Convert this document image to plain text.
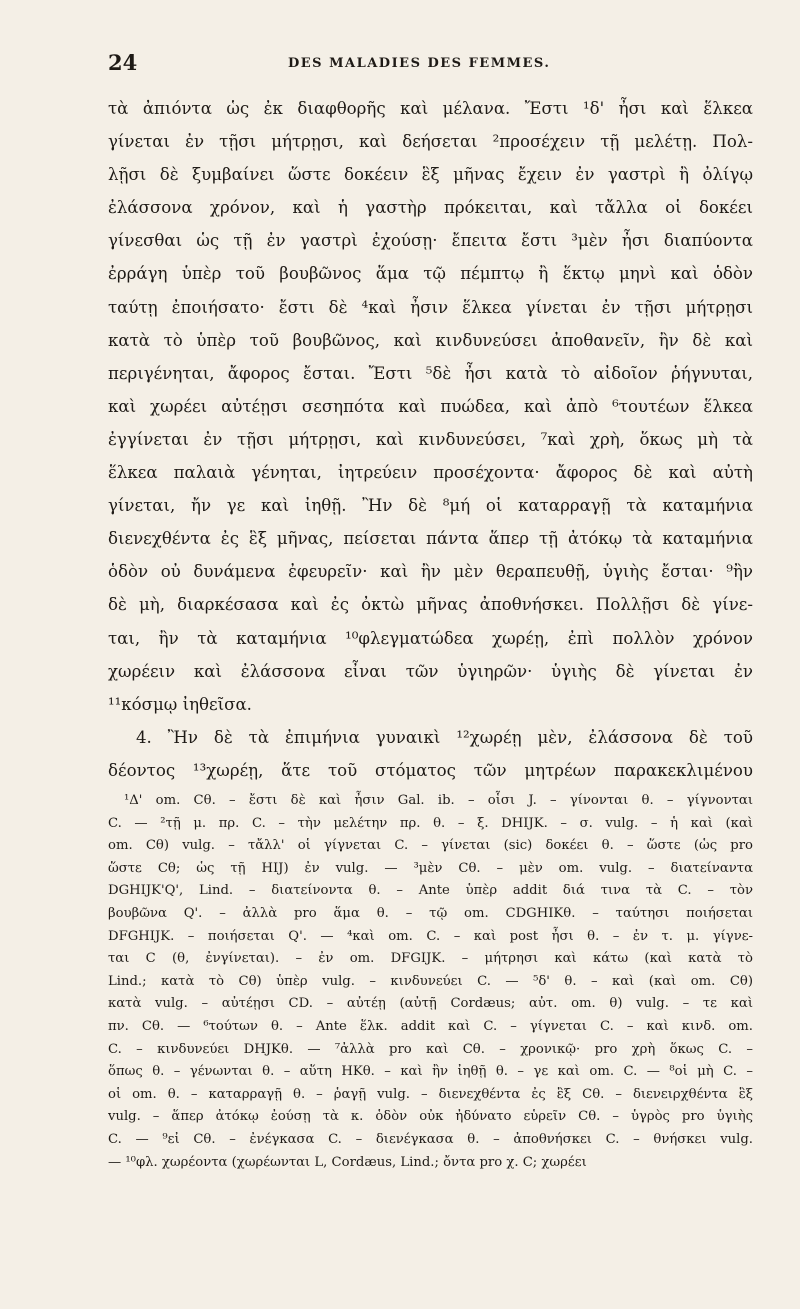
24	DES MALADIES DES FEMMES.
τὰ ἀπιόντα ὡς ἐκ διαφθορῆς καὶ μέλανα. Ἔστι ¹δ' ἦσι καὶ ἕλκεα
γίνεται ἐν τῇσι μήτρῃσι, καὶ δεήσεται ²προσέχειν τῇ μελέτῃ. Πολ-
λῇσι δὲ ξυμβαίνει ὥστε δοκέειν ἓξ μῆνας ἔχειν ἐν γαστρὶ ἢ ὀλίγῳ
ἐλάσσονα χρόνον, καὶ ἡ γαστὴρ πρόκειται, καὶ τἄλλα οἱ δοκέει
γίνεσθαι ὡς τῇ ἐν γαστρὶ ἐχούσῃ· ἔπειτα ἔστι ³μὲν ἦσι διαπύοντα
ἐρράγη ὑπὲρ τοῦ βουβῶνος ἅμα τῷ πέμπτῳ ἢ ἕκτῳ μηνὶ καὶ ὁδὸν
ταύτῃ ἐποιήσατο· ἔστι δὲ ⁴καὶ ἦσιν ἕλκεα γίνεται ἐν τῇσι μήτρῃσι
κατὰ τὸ ὑπὲρ τοῦ βουβῶνος, καὶ κινδυνεύσει ἀποθανεῖν, ἢν δὲ καὶ
περιγένηται, ἄφορος ἔσται. Ἔστι ⁵δὲ ἦσι κατὰ τὸ αἰδοῖον ῥήγνυται,
καὶ χωρέει αὐτέῃσι σεσηπότα καὶ πυώδεα, καὶ ἀπὸ ⁶τουτέων ἕλκεα
ἐγγίνεται ἐν τῇσι μήτρῃσι, καὶ κινδυνεύσει, ⁷καὶ χρὴ, ὅκως μὴ τὰ
ἕλκεα παλαιὰ γένηται, ἰητρεύειν προσέχοντα· ἄφορος δὲ καὶ αὐτὴ
γίνεται, ἤν γε καὶ ἰηθῇ. Ἢν δὲ ⁸μή οἱ καταρραγῇ τὰ καταμήνια
διενεχθέντα ἐς ἓξ μῆνας, πείσεται πάντα ἅπερ τῇ ἀτόκῳ τὰ καταμήνια
ὁδὸν οὐ δυνάμενα ἐφευρεῖν· καὶ ἢν μὲν θεραπευθῇ, ὑγιὴς ἔσται· ⁹ἢν
δὲ μὴ, διαρκέσασα καὶ ἐς ὀκτὼ μῆνας ἀποθνήσκει. Πολλῇσι δὲ γίνε-
ται, ἢν τὰ καταμήνια ¹⁰φλεγματώδεα χωρέῃ, ἐπὶ πολλὸν χρόνον
χωρέειν καὶ ἐλάσσονα εἶναι τῶν ὑγιηρῶν· ὑγιὴς δὲ γίνεται ἐν
¹¹κόσμῳ ἰηθεῖσα.
4. Ἢν δὲ τὰ ἐπιμήνια γυναικὶ ¹²χωρέῃ μὲν, ἐλάσσονα δὲ τοῦ
δέοντος ¹³χωρέῃ, ἅτε τοῦ στόματος τῶν μητρέων παρακεκλιμένου
¹Δ' om. Cθ. – ἔστι δὲ καὶ ἦσιν Gal. ib. – οἷσι J. – γίνονται θ. – γίγνονται
C. — ²τῇ μ. πρ. C. – τὴν μελέτην πρ. θ. – ξ. DHIJK. – σ. vulg. – ἡ καὶ (καὶ
om. Cθ) vulg. – τἄλλ' οἱ γίγνεται C. – γίνεται (sic) δοκέει θ. – ὥστε (ὡς pro
ὥστε Cθ; ὡς τῇ HIJ) ἐν vulg. — ³μὲν Cθ. – μὲν om. vulg. – διατείναντα
DGHIJK'Q', Lind. – διατείνοντα θ. – Ante ὑπὲρ addit διά τινα τὰ C. – τὸν
βουβῶνα Q'. – ἀλλὰ pro ἅμα θ. – τῷ om. CDGHIKθ. – ταύτησι ποιήσεται
DFGHIJK. – ποιήσεται Q'. — ⁴καὶ om. C. – καὶ post ἦσι θ. – ἐν τ. μ. γίγνε-
ται C (θ, ἐνγίνεται). – ἐν om. DFGIJK. – μήτρησι καὶ κάτω (καὶ κατὰ τὸ
Lind.; κατὰ τὸ Cθ) ὑπὲρ vulg. – κινδυνεύει C. — ⁵δ' θ. – καὶ (καὶ om. Cθ)
κατὰ vulg. – αὐτέῃσι CD. – αὐτέῃ (αὐτῇ Cordæus; αὐτ. om. θ) vulg. – τε καὶ
πν. Cθ. — ⁶τούτων θ. – Ante ἕλκ. addit καὶ C. – γίγνεται C. – καὶ κινδ. om.
C. – κινδυνεύει DHJKθ. — ⁷ἀλλὰ pro καὶ Cθ. – χρονικῷ· pro χρὴ ὅκως C. –
ὅπως θ. – γένωνται θ. – αὕτη HKθ. – καὶ ἢν ἰηθῇ θ. – γε καὶ om. C. — ⁸οἱ μὴ C. –
οἱ om. θ. – καταρραγῇ θ. – ῥαγῇ vulg. – διενεχθέντα ἐς ἓξ Cθ. – διενειρχθέντα ἓξ
vulg. – ἅπερ ἀτόκῳ ἐούσῃ τὰ κ. ὁδὸν οὐκ ἠδύνατο εὑρεῖν Cθ. – ὑγρὸς pro ὑγιὴς
C. — ⁹εἰ Cθ. – ἐνέγκασα C. – διενέγκασα θ. – ἀποθνήσκει C. – θνήσκει vulg.
— ¹⁰φλ. χωρέοντα (χωρέωνται L, Cordæus, Lind.; ὄντα pro χ. C; χωρέει
